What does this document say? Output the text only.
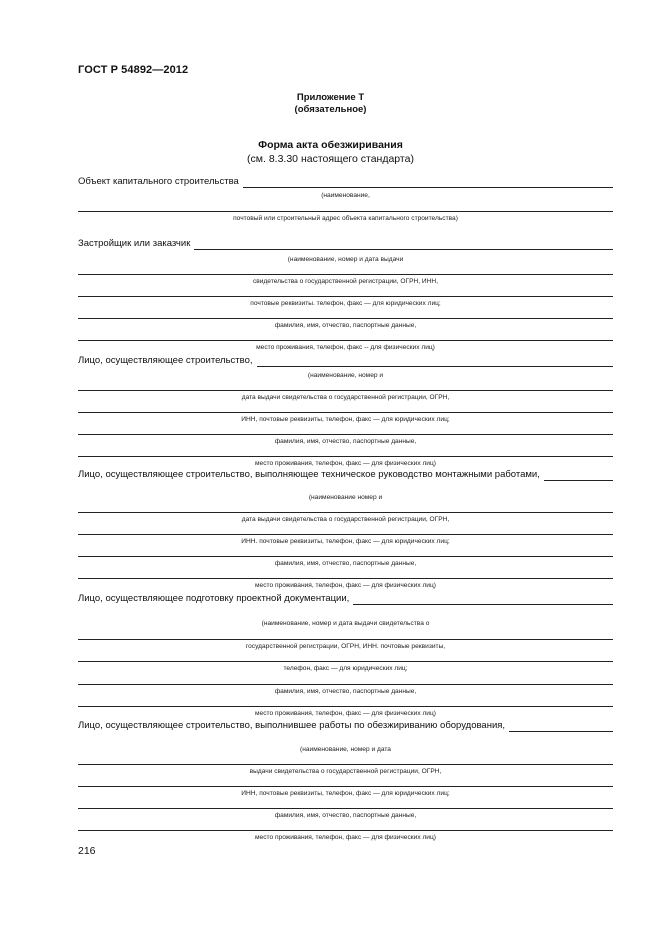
ГОСТ Р 54892—2012
Приложение Т
(обязательное)
Форма акта обезжиривания
(см. 8.3.30 настоящего стандарта)
Объект капитального строительства
(наименование,
почтовый или строительный адрес объекта капитального строительства)
Застройщик или заказчик
(наименование, номер и дата выдачи
свидетельства о государственной регистрации, ОГРН, ИНН,
почтовые реквизиты. телефон, факс — для юридических лиц;
фамилия, имя, отчество, паспортные данные,
место проживания, телефон, факс -- для физических лиц)
Лицо, осуществляющее строительство,
(наименование, номер и
дата выдачи свидетельства о государственной регистрации, ОГРН,
ИНН, почтовые реквизиты, телефон, факс — для юридических лиц;
фамилия, имя, отчество, паспортные данные,
место проживания, телефон, факс — для физических лиц)
Лицо, осуществляющее строительство, выполняющее техническое руководство монтажными работами,
(наименование номер и
дата выдачи свидетельства о государственной регистрации, ОГРН,
ИНН. почтовые реквизиты, телефон, факс — для юридических лиц;
фамилия, имя, отчество, паспортные данные,
место проживания, телефон, факс — для физических лиц)
Лицо, осуществляющее подготовку проектной документации,
(наименование, номер и дата выдачи свидетельства о
государственной регистрации, ОГРН, ИНН. почтовые реквизиты,
телефон, факс — для юридических лиц;
фамилия, имя, отчество, паспортные данные,
место проживания, телефон, факс — для физических лиц)
Лицо, осуществляющее строительство, выполнившее работы по обезжириванию оборудования,
(наименование, номер и дата
выдачи свидетельства о государственной регистрации, ОГРН,
ИНН, почтовые реквизиты, телефон, факс — для юридических лиц;
фамилия, имя, отчество, паспортные данные,
место проживания, телефон, факс — для физических лиц)
216
